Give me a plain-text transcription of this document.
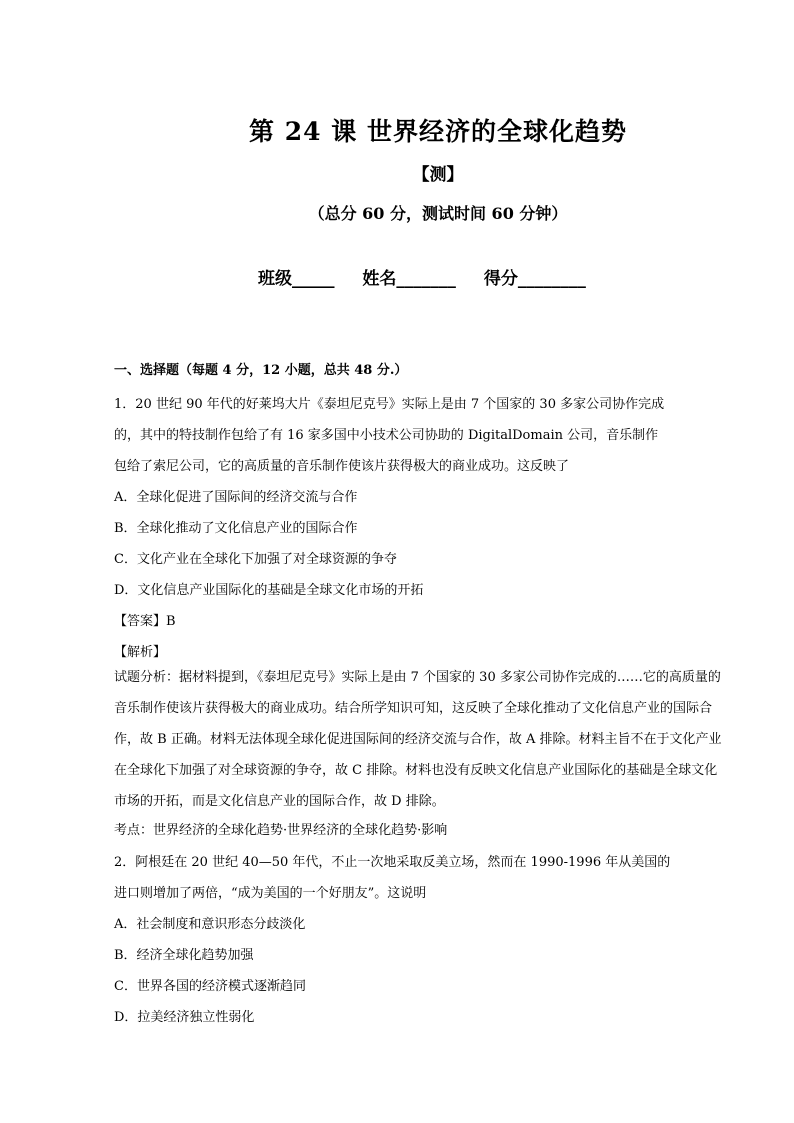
第 24 课 世界经济的全球化趋势
【测】
（总分 60 分，测试时间 60 分钟）
班级_____ 姓名_______ 得分________
一、选择题（每题 4 分，12 小题，总共 48 分.）
1．20 世纪 90 年代的好莱坞大片《泰坦尼克号》实际上是由 7 个国家的 30 多家公司协作完成
的，其中的特技制作包给了有 16 家多国中小技术公司协助的 DigitalDomain 公司，音乐制作
包给了索尼公司，它的高质量的音乐制作使该片获得极大的商业成功。这反映了
A．全球化促进了国际间的经济交流与合作
B．全球化推动了文化信息产业的国际合作
C．文化产业在全球化下加强了对全球资源的争夺
D．文化信息产业国际化的基础是全球文化市场的开拓
【答案】B
【解析】
试题分析：据材料提到，《泰坦尼克号》实际上是由 7 个国家的 30 多家公司协作完成的……它的高质量的
音乐制作使该片获得极大的商业成功。结合所学知识可知，这反映了全球化推动了文化信息产业的国际合
作，故 B 正确。材料无法体现全球化促进国际间的经济交流与合作，故 A 排除。材料主旨不在于文化产业
在全球化下加强了对全球资源的争夺，故 C 排除。材料也没有反映文化信息产业国际化的基础是全球文化
市场的开拓，而是文化信息产业的国际合作，故 D 排除。
考点：世界经济的全球化趋势·世界经济的全球化趋势·影响
2．阿根廷在 20 世纪 40—50 年代，不止一次地采取反美立场，然而在 1990-1996 年从美国的
进口则增加了两倍，“成为美国的一个好朋友”。这说明
A．社会制度和意识形态分歧淡化
B．经济全球化趋势加强
C．世界各国的经济模式逐渐趋同
D．拉美经济独立性弱化
